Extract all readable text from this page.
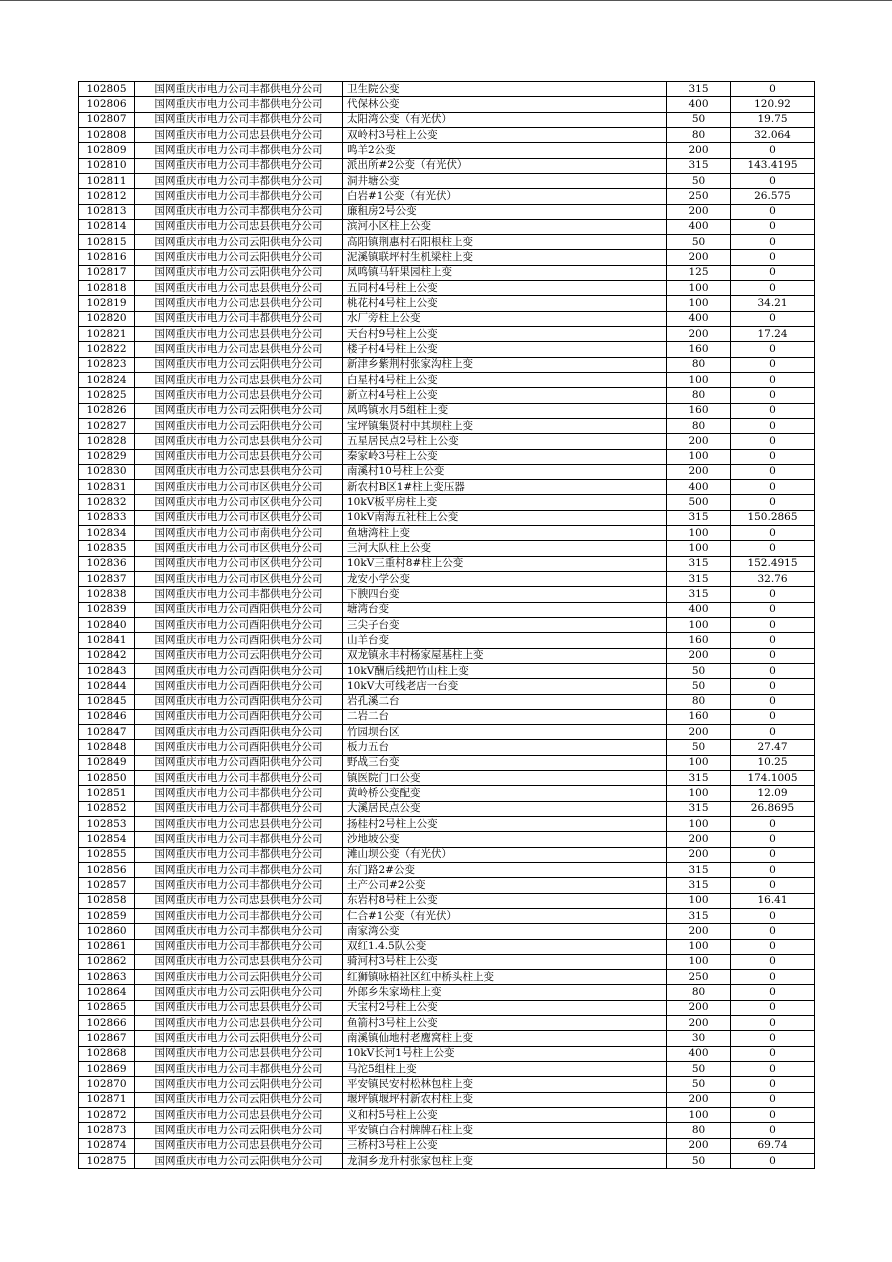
102805	国网重庆市电力公司丰都供电分公司	卫生院公变	315	0
102806	国网重庆市电力公司丰都供电分公司	代保林公变	400	120.92
102807	国网重庆市电力公司丰都供电分公司	太阳湾公变（有光伏）	50	19.75
102808	国网重庆市电力公司忠县供电分公司	双岭村3号柱上公变	80	32.064
102809	国网重庆市电力公司丰都供电分公司	鸣羊2公变	200	0
102810	国网重庆市电力公司丰都供电分公司	派出所#2公变（有光伏）	315	143.4195
102811	国网重庆市电力公司丰都供电分公司	洞井塘公变	50	0
102812	国网重庆市电力公司丰都供电分公司	白岩#1公变（有光伏）	250	26.575
102813	国网重庆市电力公司丰都供电分公司	廉租房2号公变	200	0
102814	国网重庆市电力公司忠县供电分公司	滨河小区柱上公变	400	0
102815	国网重庆市电力公司云阳供电分公司	高阳镇荆惠村石阳根柱上变	50	0
102816	国网重庆市电力公司云阳供电分公司	泥溪镇联坪村生机梁柱上变	200	0
102817	国网重庆市电力公司云阳供电分公司	凤鸣镇马轩果园柱上变	125	0
102818	国网重庆市电力公司忠县供电分公司	五同村4号柱上公变	100	0
102819	国网重庆市电力公司忠县供电分公司	桃花村4号柱上公变	100	34.21
102820	国网重庆市电力公司丰都供电分公司	水厂旁柱上公变	400	0
102821	国网重庆市电力公司忠县供电分公司	天台村9号柱上公变	200	17.24
102822	国网重庆市电力公司忠县供电分公司	楼子村4号柱上公变	160	0
102823	国网重庆市电力公司云阳供电分公司	新津乡紫荆村张家沟柱上变	80	0
102824	国网重庆市电力公司忠县供电分公司	白星村4号柱上公变	100	0
102825	国网重庆市电力公司忠县供电分公司	新立村4号柱上公变	80	0
102826	国网重庆市电力公司云阳供电分公司	凤鸣镇水月5组柱上变	160	0
102827	国网重庆市电力公司云阳供电分公司	宝坪镇集贤村中其坝柱上变	80	0
102828	国网重庆市电力公司忠县供电分公司	五星居民点2号柱上公变	200	0
102829	国网重庆市电力公司忠县供电分公司	秦家岭3号柱上公变	100	0
102830	国网重庆市电力公司忠县供电分公司	南溪村10号柱上公变	200	0
102831	国网重庆市电力公司市区供电分公司	新农村B区1#柱上变压器	400	0
102832	国网重庆市电力公司市区供电分公司	10kV板平房柱上变	500	0
102833	国网重庆市电力公司市区供电分公司	10kV南海五社柱上公变	315	150.2865
102834	国网重庆市电力公司市南供电分公司	鱼塘湾柱上变	100	0
102835	国网重庆市电力公司市区供电分公司	三河大队柱上公变	100	0
102836	国网重庆市电力公司市区供电分公司	10kV三重村8#柱上公变	315	152.4915
102837	国网重庆市电力公司市区供电分公司	龙安小学公变	315	32.76
102838	国网重庆市电力公司丰都供电分公司	下腴四台变	315	0
102839	国网重庆市电力公司酉阳供电分公司	塘湾台变	400	0
102840	国网重庆市电力公司酉阳供电分公司	三尖子台变	100	0
102841	国网重庆市电力公司酉阳供电分公司	山羊台变	160	0
102842	国网重庆市电力公司云阳供电分公司	双龙镇永丰村杨家屋基柱上变	200	0
102843	国网重庆市电力公司酉阳供电分公司	10kV酬后线把竹山柱上变	50	0
102844	国网重庆市电力公司酉阳供电分公司	10kV大可线老店一台变	50	0
102845	国网重庆市电力公司酉阳供电分公司	岩孔溪二台	80	0
102846	国网重庆市电力公司酉阳供电分公司	二岩二台	160	0
102847	国网重庆市电力公司酉阳供电分公司	竹园坝台区	200	0
102848	国网重庆市电力公司酉阳供电分公司	板力五台	50	27.47
102849	国网重庆市电力公司酉阳供电分公司	野战三台变	100	10.25
102850	国网重庆市电力公司丰都供电分公司	镇医院门口公变	315	174.1005
102851	国网重庆市电力公司丰都供电分公司	黄岭桥公变配变	100	12.09
102852	国网重庆市电力公司丰都供电分公司	大溪居民点公变	315	26.8695
102853	国网重庆市电力公司忠县供电分公司	扬桂村2号柱上公变	100	0
102854	国网重庆市电力公司丰都供电分公司	沙地坡公变	200	0
102855	国网重庆市电力公司丰都供电分公司	滩山坝公变（有光伏）	200	0
102856	国网重庆市电力公司丰都供电分公司	东门路2#公变	315	0
102857	国网重庆市电力公司丰都供电分公司	土产公司#2公变	315	0
102858	国网重庆市电力公司忠县供电分公司	东岩村8号柱上公变	100	16.41
102859	国网重庆市电力公司丰都供电分公司	仁合#1公变（有光伏）	315	0
102860	国网重庆市电力公司丰都供电分公司	南家湾公变	200	0
102861	国网重庆市电力公司丰都供电分公司	双红1.4.5队公变	100	0
102862	国网重庆市电力公司忠县供电分公司	骑河村3号柱上公变	100	0
102863	国网重庆市电力公司云阳供电分公司	红狮镇咏梧社区红中桥头柱上变	250	0
102864	国网重庆市电力公司云阳供电分公司	外郎乡朱家坳柱上变	80	0
102865	国网重庆市电力公司忠县供电分公司	天宝村2号柱上公变	200	0
102866	国网重庆市电力公司忠县供电分公司	鱼箭村3号柱上公变	200	0
102867	国网重庆市电力公司云阳供电分公司	南溪镇仙地村老鹰窝柱上变	30	0
102868	国网重庆市电力公司忠县供电分公司	10kV长河1号柱上公变	400	0
102869	国网重庆市电力公司丰都供电分公司	马沱5组柱上变	50	0
102870	国网重庆市电力公司云阳供电分公司	平安镇民安村松林包柱上变	50	0
102871	国网重庆市电力公司云阳供电分公司	堰坪镇堰坪村新农村柱上变	200	0
102872	国网重庆市电力公司忠县供电分公司	义和村5号柱上公变	100	0
102873	国网重庆市电力公司云阳供电分公司	平安镇白合村牌牌石柱上变	80	0
102874	国网重庆市电力公司忠县供电分公司	三桥村3号柱上公变	200	69.74
102875	国网重庆市电力公司云阳供电分公司	龙洞乡龙升村张家包柱上变	50	0
